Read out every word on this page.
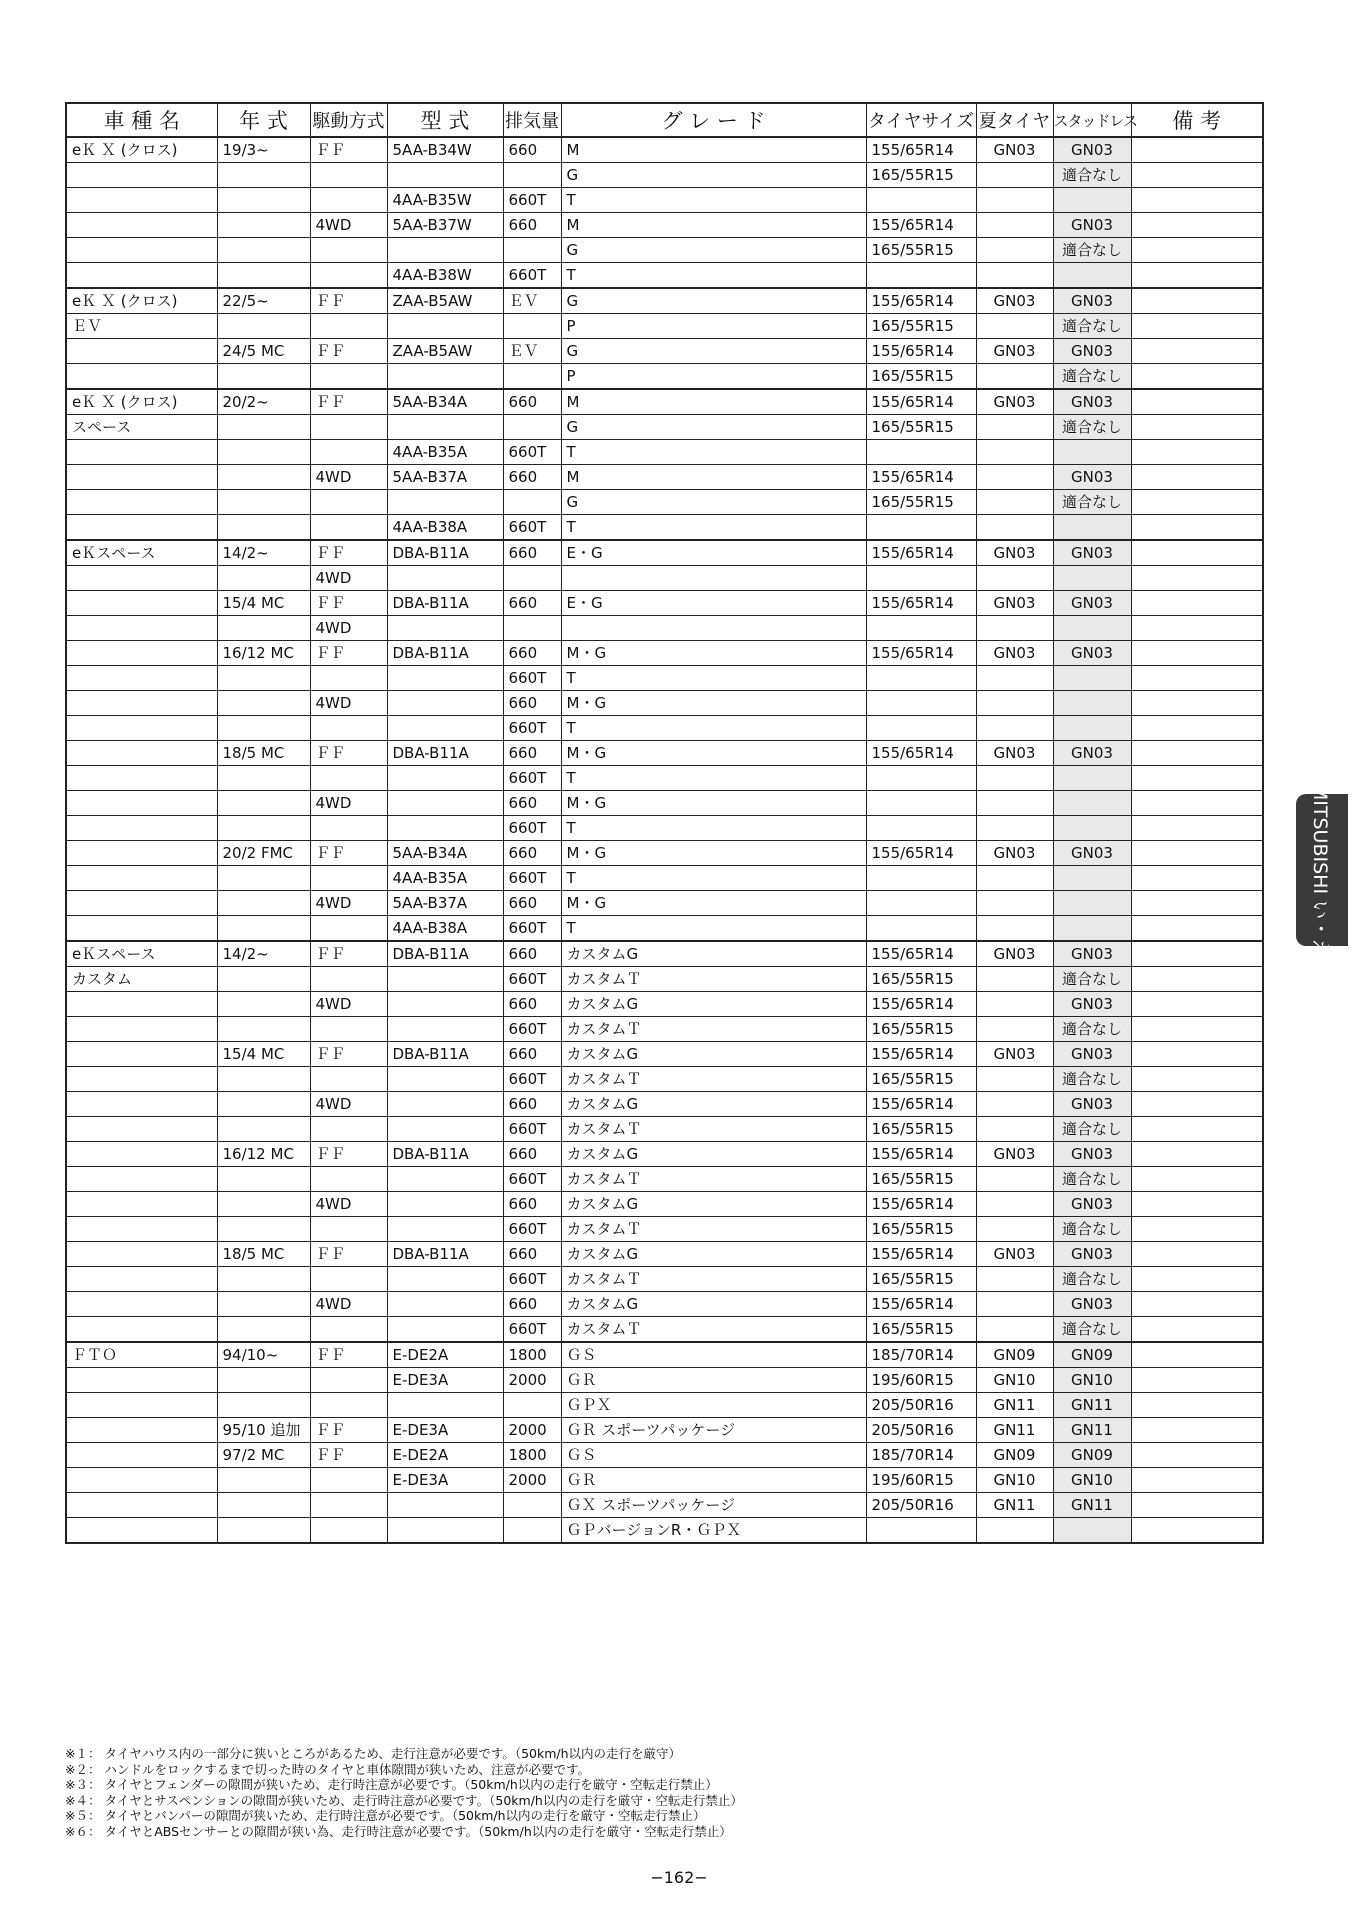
車 種 名	年 式	駆動方式	型 式	排気量	グ レ ー ド	タイヤサイズ	夏タイヤ	スタッドレス	備 考
eＫ Ｘ (クロス)	19/3~	ＦＦ	5AA-B34W	660	M	155/65R14	GN03	GN03	
					G	165/55R15		適合なし	
			4AA-B35W	660T	T				
		4WD	5AA-B37W	660	M	155/65R14		GN03	
					G	165/55R15		適合なし	
			4AA-B38W	660T	T				
eＫ Ｘ (クロス)	22/5~	ＦＦ	ZAA-B5AW	ＥＶ	G	155/65R14	GN03	GN03	
ＥＶ					P	165/55R15		適合なし	
	24/5 MC	ＦＦ	ZAA-B5AW	ＥＶ	G	155/65R14	GN03	GN03	
					P	165/55R15		適合なし	
eＫ Ｘ (クロス)	20/2~	ＦＦ	5AA-B34A	660	M	155/65R14	GN03	GN03	
スペース					G	165/55R15		適合なし	
			4AA-B35A	660T	T				
		4WD	5AA-B37A	660	M	155/65R14		GN03	
					G	165/55R15		適合なし	
			4AA-B38A	660T	T				
eＫスペース	14/2~	ＦＦ	DBA-B11A	660	E・G	155/65R14	GN03	GN03	
		4WD							
	15/4 MC	ＦＦ	DBA-B11A	660	E・G	155/65R14	GN03	GN03	
		4WD							
	16/12 MC	ＦＦ	DBA-B11A	660	M・G	155/65R14	GN03	GN03	
				660T	T				
		4WD		660	M・G				
				660T	T				
	18/5 MC	ＦＦ	DBA-B11A	660	M・G	155/65R14	GN03	GN03	
				660T	T				
		4WD		660	M・G				
				660T	T				
	20/2 FMC	ＦＦ	5AA-B34A	660	M・G	155/65R14	GN03	GN03	
			4AA-B35A	660T	T				
		4WD	5AA-B37A	660	M・G				
			4AA-B38A	660T	T				
eＫスペース	14/2~	ＦＦ	DBA-B11A	660	カスタムG	155/65R14	GN03	GN03	
カスタム				660T	カスタムＴ	165/55R15		適合なし	
		4WD		660	カスタムG	155/65R14		GN03	
				660T	カスタムＴ	165/55R15		適合なし	
	15/4 MC	ＦＦ	DBA-B11A	660	カスタムG	155/65R14	GN03	GN03	
				660T	カスタムＴ	165/55R15		適合なし	
		4WD		660	カスタムG	155/65R14		GN03	
				660T	カスタムＴ	165/55R15		適合なし	
	16/12 MC	ＦＦ	DBA-B11A	660	カスタムG	155/65R14	GN03	GN03	
				660T	カスタムＴ	165/55R15		適合なし	
		4WD		660	カスタムG	155/65R14		GN03	
				660T	カスタムＴ	165/55R15		適合なし	
	18/5 MC	ＦＦ	DBA-B11A	660	カスタムG	155/65R14	GN03	GN03	
				660T	カスタムＴ	165/55R15		適合なし	
		4WD		660	カスタムG	155/65R14		GN03	
				660T	カスタムＴ	165/55R15		適合なし	
ＦＴＯ	94/10~	ＦＦ	E-DE2A	1800	ＧＳ	185/70R14	GN09	GN09	
			E-DE3A	2000	ＧＲ	195/60R15	GN10	GN10	
					ＧＰＸ	205/50R16	GN11	GN11	
	95/10 追加	ＦＦ	E-DE3A	2000	ＧＲ スポーツパッケージ	205/50R16	GN11	GN11	
	97/2 MC	ＦＦ	E-DE2A	1800	ＧＳ	185/70R14	GN09	GN09	
			E-DE3A	2000	ＧＲ	195/60R15	GN10	GN10	
					ＧＸ スポーツパッケージ	205/50R16	GN11	GN11	
					ＧＰバージョンR・ＧＰＸ				
MITSUBISHI い・え
※１： タイヤハウス内の一部分に狭いところがあるため、走行注意が必要です。（50km/h以内の走行を厳守）
※２： ハンドルをロックするまで切った時のタイヤと車体隙間が狭いため、注意が必要です。
※３： タイヤとフェンダーの隙間が狭いため、走行時注意が必要です。（50km/h以内の走行を厳守・空転走行禁止）
※４： タイヤとサスペンションの隙間が狭いため、走行時注意が必要です。（50km/h以内の走行を厳守・空転走行禁止）
※５： タイヤとバンパーの隙間が狭いため、走行時注意が必要です。（50km/h以内の走行を厳守・空転走行禁止）
※６： タイヤとABSセンサーとの隙間が狭い為、走行時注意が必要です。（50km/h以内の走行を厳守・空転走行禁止）
−162−
